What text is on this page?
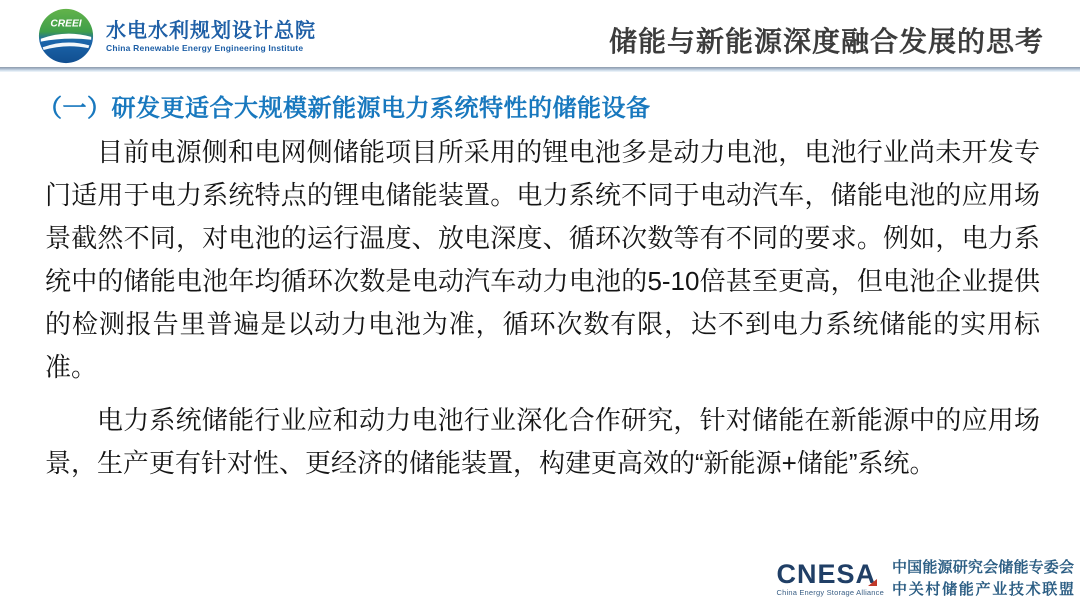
CREEI 水电水利规划设计总院
China Renewable Energy Engineering Institute	储能与新能源深度融合发展的思考
（一）研发更适合大规模新能源电力系统特性的储能设备

目前电源侧和电网侧储能项目所采用的锂电池多是动力电池，电池行业尚未开发专门适用于电力系统特点的锂电储能装置。电力系统不同于电动汽车，储能电池的应用场景截然不同，对电池的运行温度、放电深度、循环次数等有不同的要求。例如，电力系统中的储能电池年均循环次数是电动汽车动力电池的5-10倍甚至更高，但电池企业提供的检测报告里普遍是以动力电池为准，循环次数有限，达不到电力系统储能的实用标准。

电力系统储能行业应和动力电池行业深化合作研究，针对储能在新能源中的应用场景，生产更有针对性、更经济的储能装置，构建更高效的“新能源+储能”系统。

CNESA
China Energy Storage Alliance
中国能源研究会储能专委会
中关村储能产业技术联盟
